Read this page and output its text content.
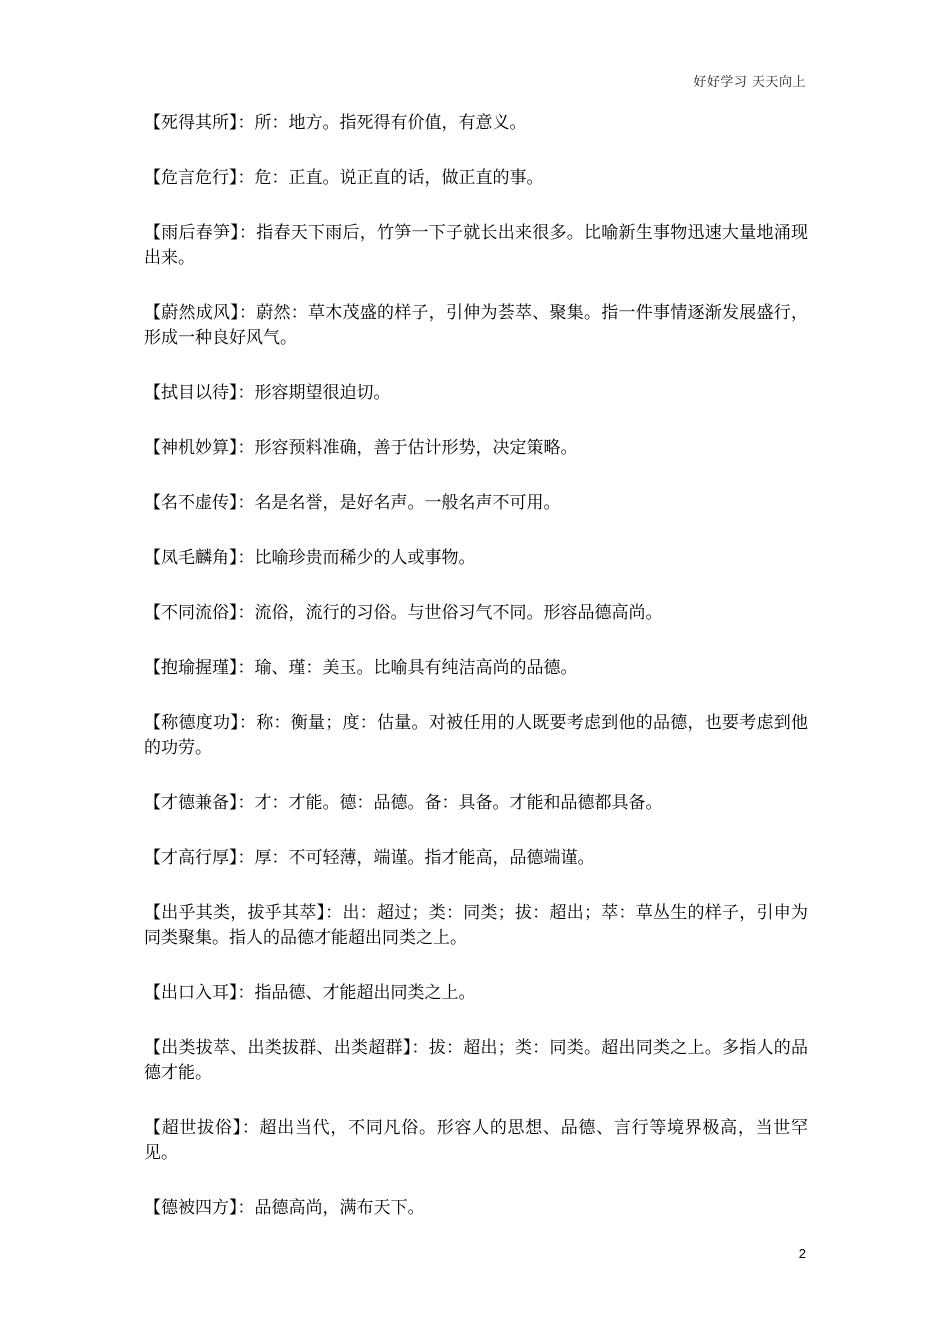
好好学习 天天向上

【死得其所】：所：地方。指死得有价值，有意义。

【危言危行】：危：正直。说正直的话，做正直的事。

【雨后春笋】：指春天下雨后，竹笋一下子就长出来很多。比喻新生事物迅速大量地涌现出来。

【蔚然成风】：蔚然：草木茂盛的样子，引伸为荟萃、聚集。指一件事情逐渐发展盛行，形成一种良好风气。

【拭目以待】：形容期望很迫切。

【神机妙算】：形容预料准确，善于估计形势，决定策略。

【名不虚传】：名是名誉，是好名声。一般名声不可用。

【凤毛麟角】：比喻珍贵而稀少的人或事物。

【不同流俗】：流俗，流行的习俗。与世俗习气不同。形容品德高尚。

【抱瑜握瑾】：瑜、瑾：美玉。比喻具有纯洁高尚的品德。

【称德度功】：称：衡量；度：估量。对被任用的人既要考虑到他的品德，也要考虑到他的功劳。

【才德兼备】：才：才能。德：品德。备：具备。才能和品德都具备。

【才高行厚】：厚：不可轻薄，端谨。指才能高，品德端谨。

【出乎其类，拔乎其萃】：出：超过；类：同类；拔：超出；萃：草丛生的样子，引申为同类聚集。指人的品德才能超出同类之上。

【出口入耳】：指品德、才能超出同类之上。

【出类拔萃、出类拔群、出类超群】：拔：超出；类：同类。超出同类之上。多指人的品德才能。

【超世拔俗】：超出当代，不同凡俗。形容人的思想、品德、言行等境界极高，当世罕见。

【德被四方】：品德高尚，满布天下。

2
